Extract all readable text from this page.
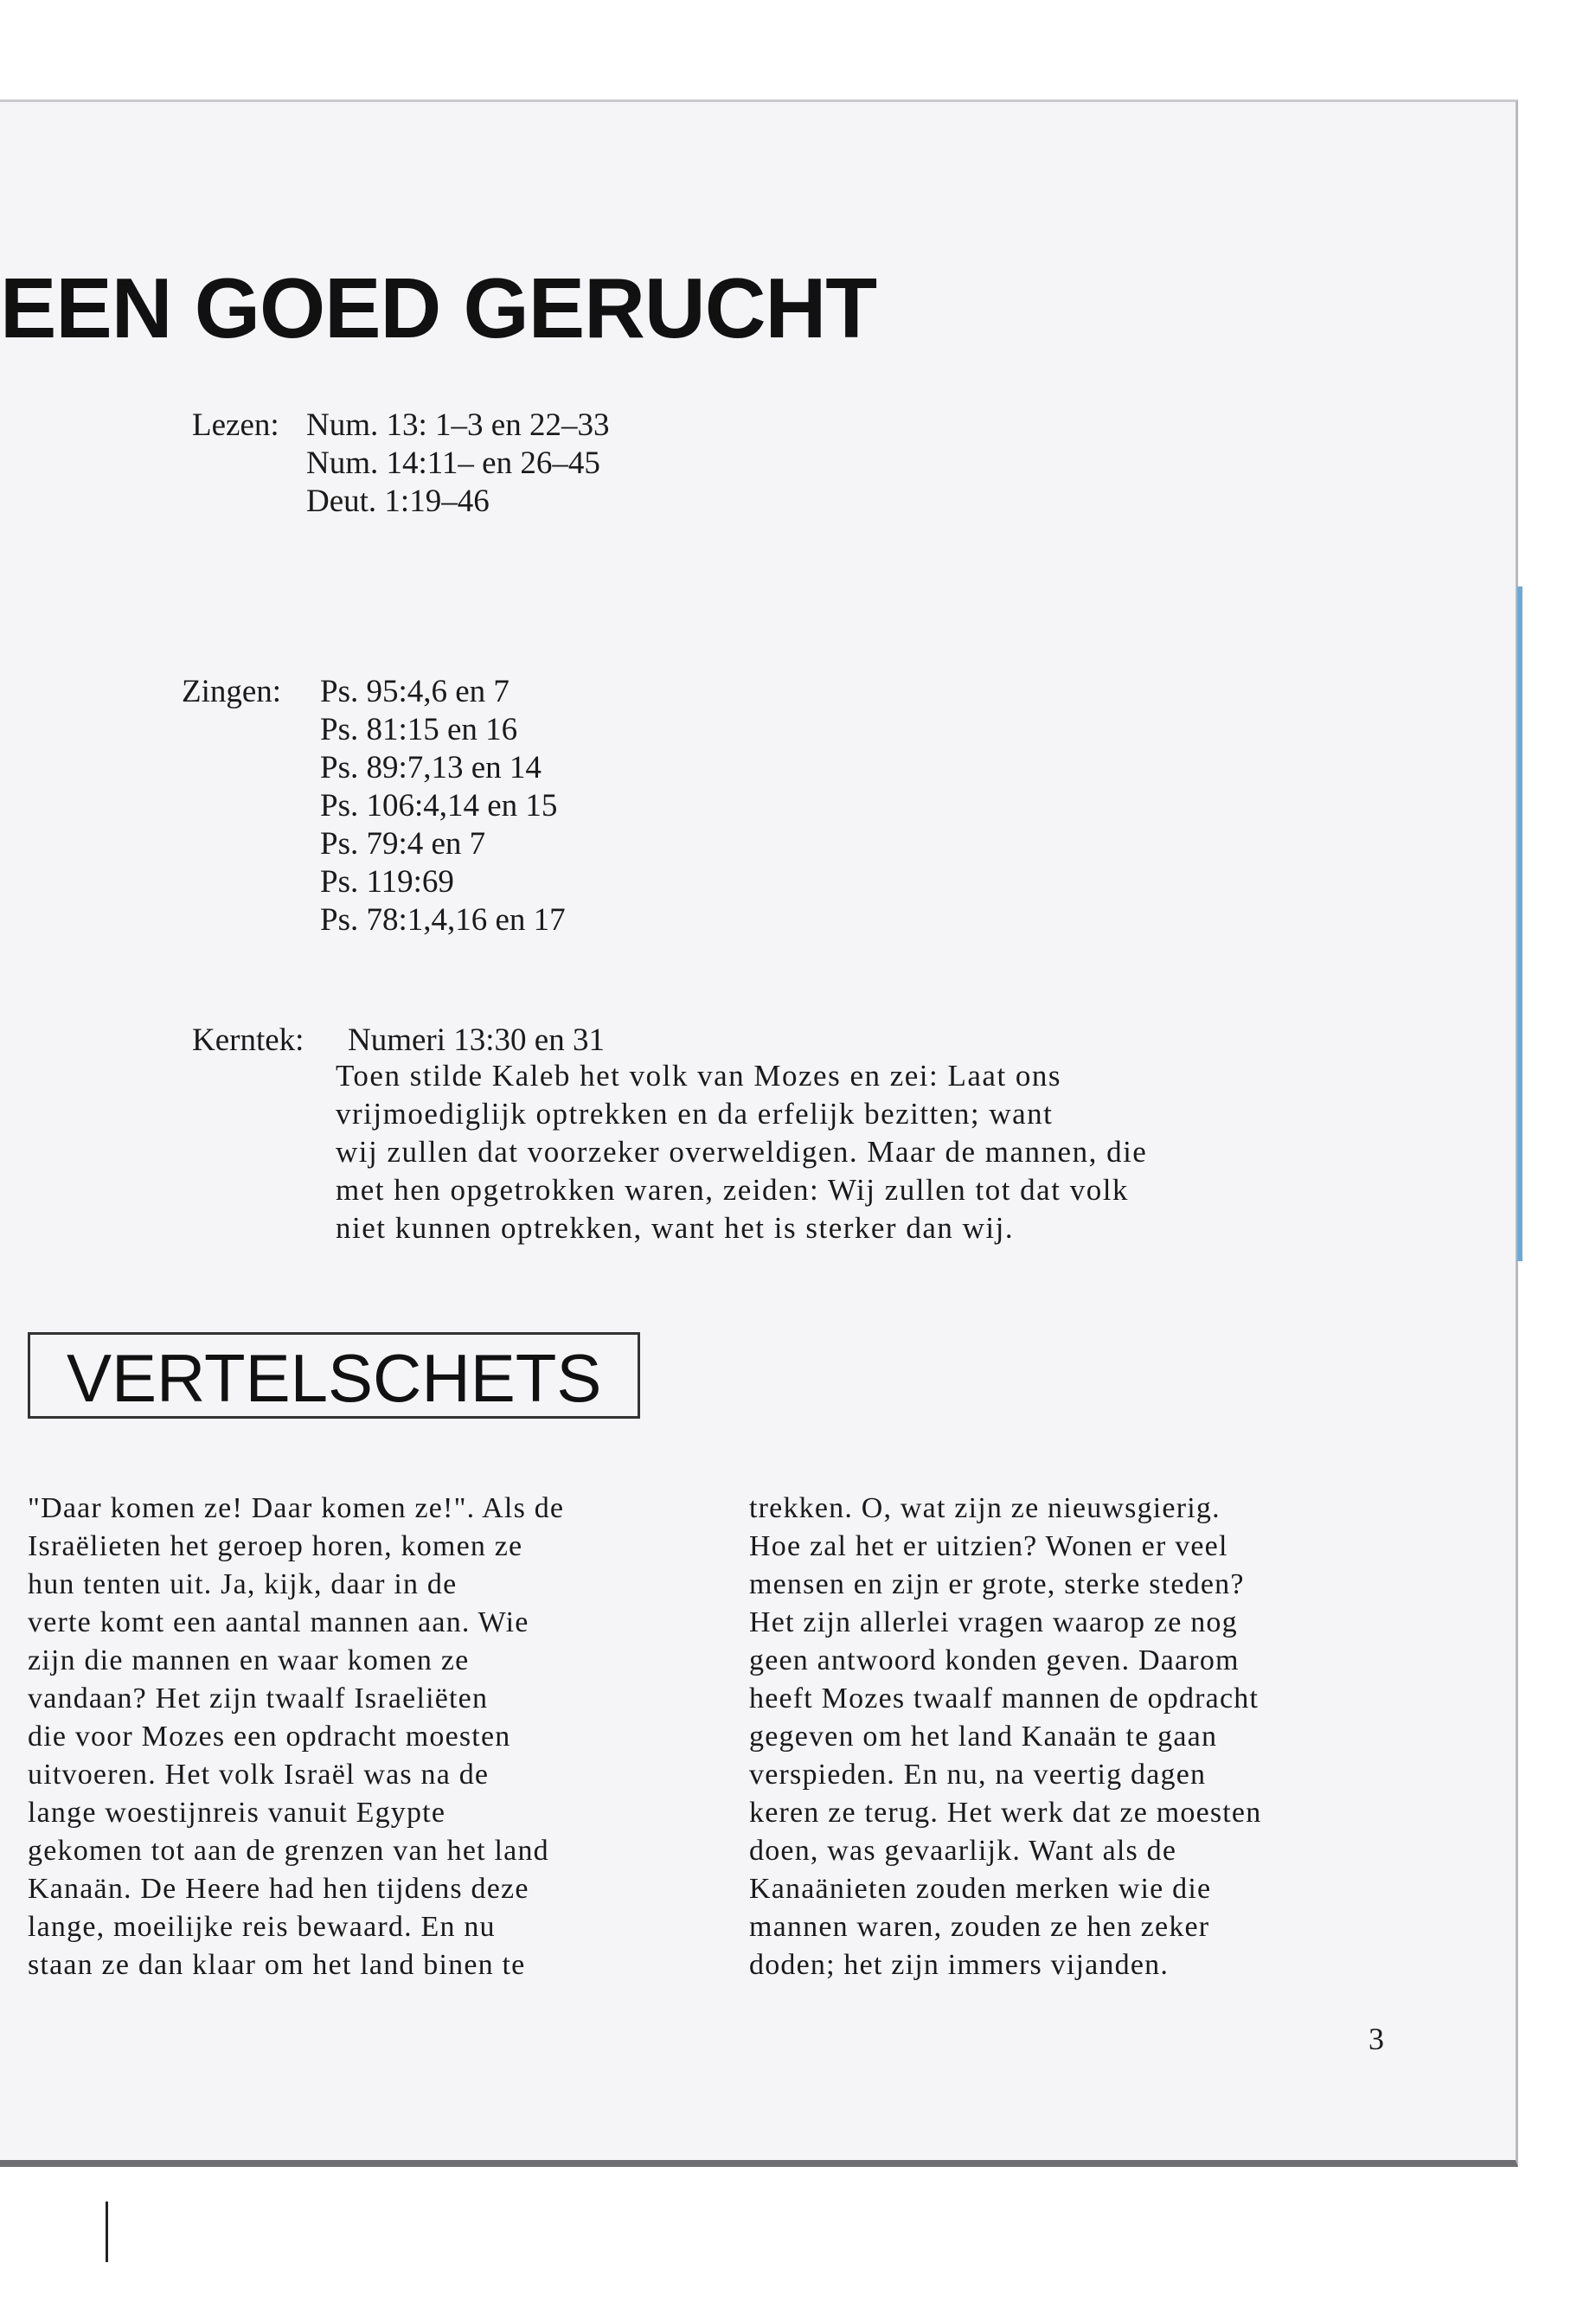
EEN GOED GERUCHT
Lezen: Num. 13: 1–3 en 22–33
Num. 14:11– en 26–45
Deut. 1:19–46
Zingen: Ps. 95:4,6 en 7
Ps. 81:15 en 16
Ps. 89:7,13 en 14
Ps. 106:4,14 en 15
Ps. 79:4 en 7
Ps. 119:69
Ps. 78:1,4,16 en 17
Kerntek: Numeri 13:30 en 31
Toen stilde Kaleb het volk van Mozes en zei: Laat ons
vrijmoediglijk optrekken en da erfelijk bezitten; want
wij zullen dat voorzeker overweldigen. Maar de mannen, die
met hen opgetrokken waren, zeiden: Wij zullen tot dat volk
niet kunnen optrekken, want het is sterker dan wij.
VERTELSCHETS
"Daar komen ze! Daar komen ze!". Als de
Israëlieten het geroep horen, komen ze
hun tenten uit. Ja, kijk, daar in de
verte komt een aantal mannen aan. Wie
zijn die mannen en waar komen ze
vandaan? Het zijn twaalf Israeliëten
die voor Mozes een opdracht moesten
uitvoeren. Het volk Israël was na de
lange woestijnreis vanuit Egypte
gekomen tot aan de grenzen van het land
Kanaän. De Heere had hen tijdens deze
lange, moeilijke reis bewaard. En nu
staan ze dan klaar om het land binen te
trekken. O, wat zijn ze nieuwsgierig.
Hoe zal het er uitzien? Wonen er veel
mensen en zijn er grote, sterke steden?
Het zijn allerlei vragen waarop ze nog
geen antwoord konden geven. Daarom
heeft Mozes twaalf mannen de opdracht
gegeven om het land Kanaän te gaan
verspieden. En nu, na veertig dagen
keren ze terug. Het werk dat ze moesten
doen, was gevaarlijk. Want als de
Kanaänieten zouden merken wie die
mannen waren, zouden ze hen zeker
doden; het zijn immers vijanden.
3
